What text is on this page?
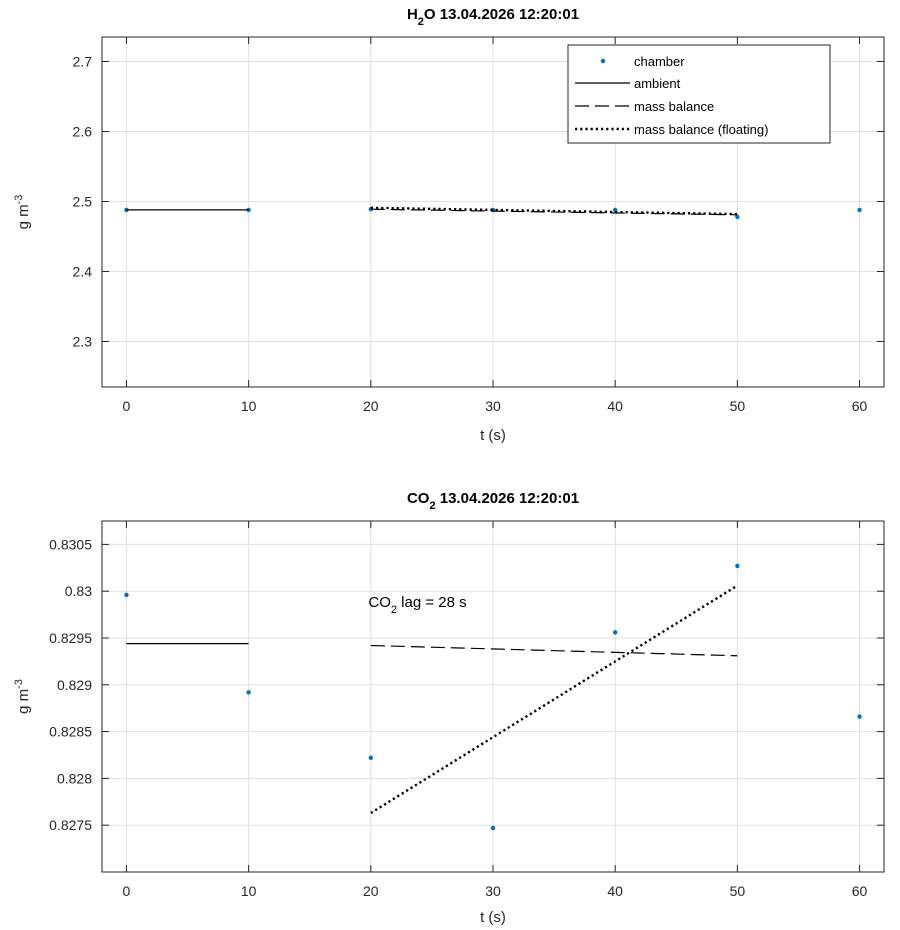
0	10	20	30	40	50	60
2.3
2.4
2.5
2.6
2.7
$H_2O$ 13.04.2026 12:20:01
t (s)
g $m^{-3}$
chamber
ambient
mass balance
mass balance (floating)
0	10	20	30	40	50	60
0.8275
0.828
0.8285
0.829
0.8295
0.83
0.8305
$CO_2$ 13.04.2026 12:20:01
t (s)
g $m^{-3}$
$CO_2$ lag = 28 s
